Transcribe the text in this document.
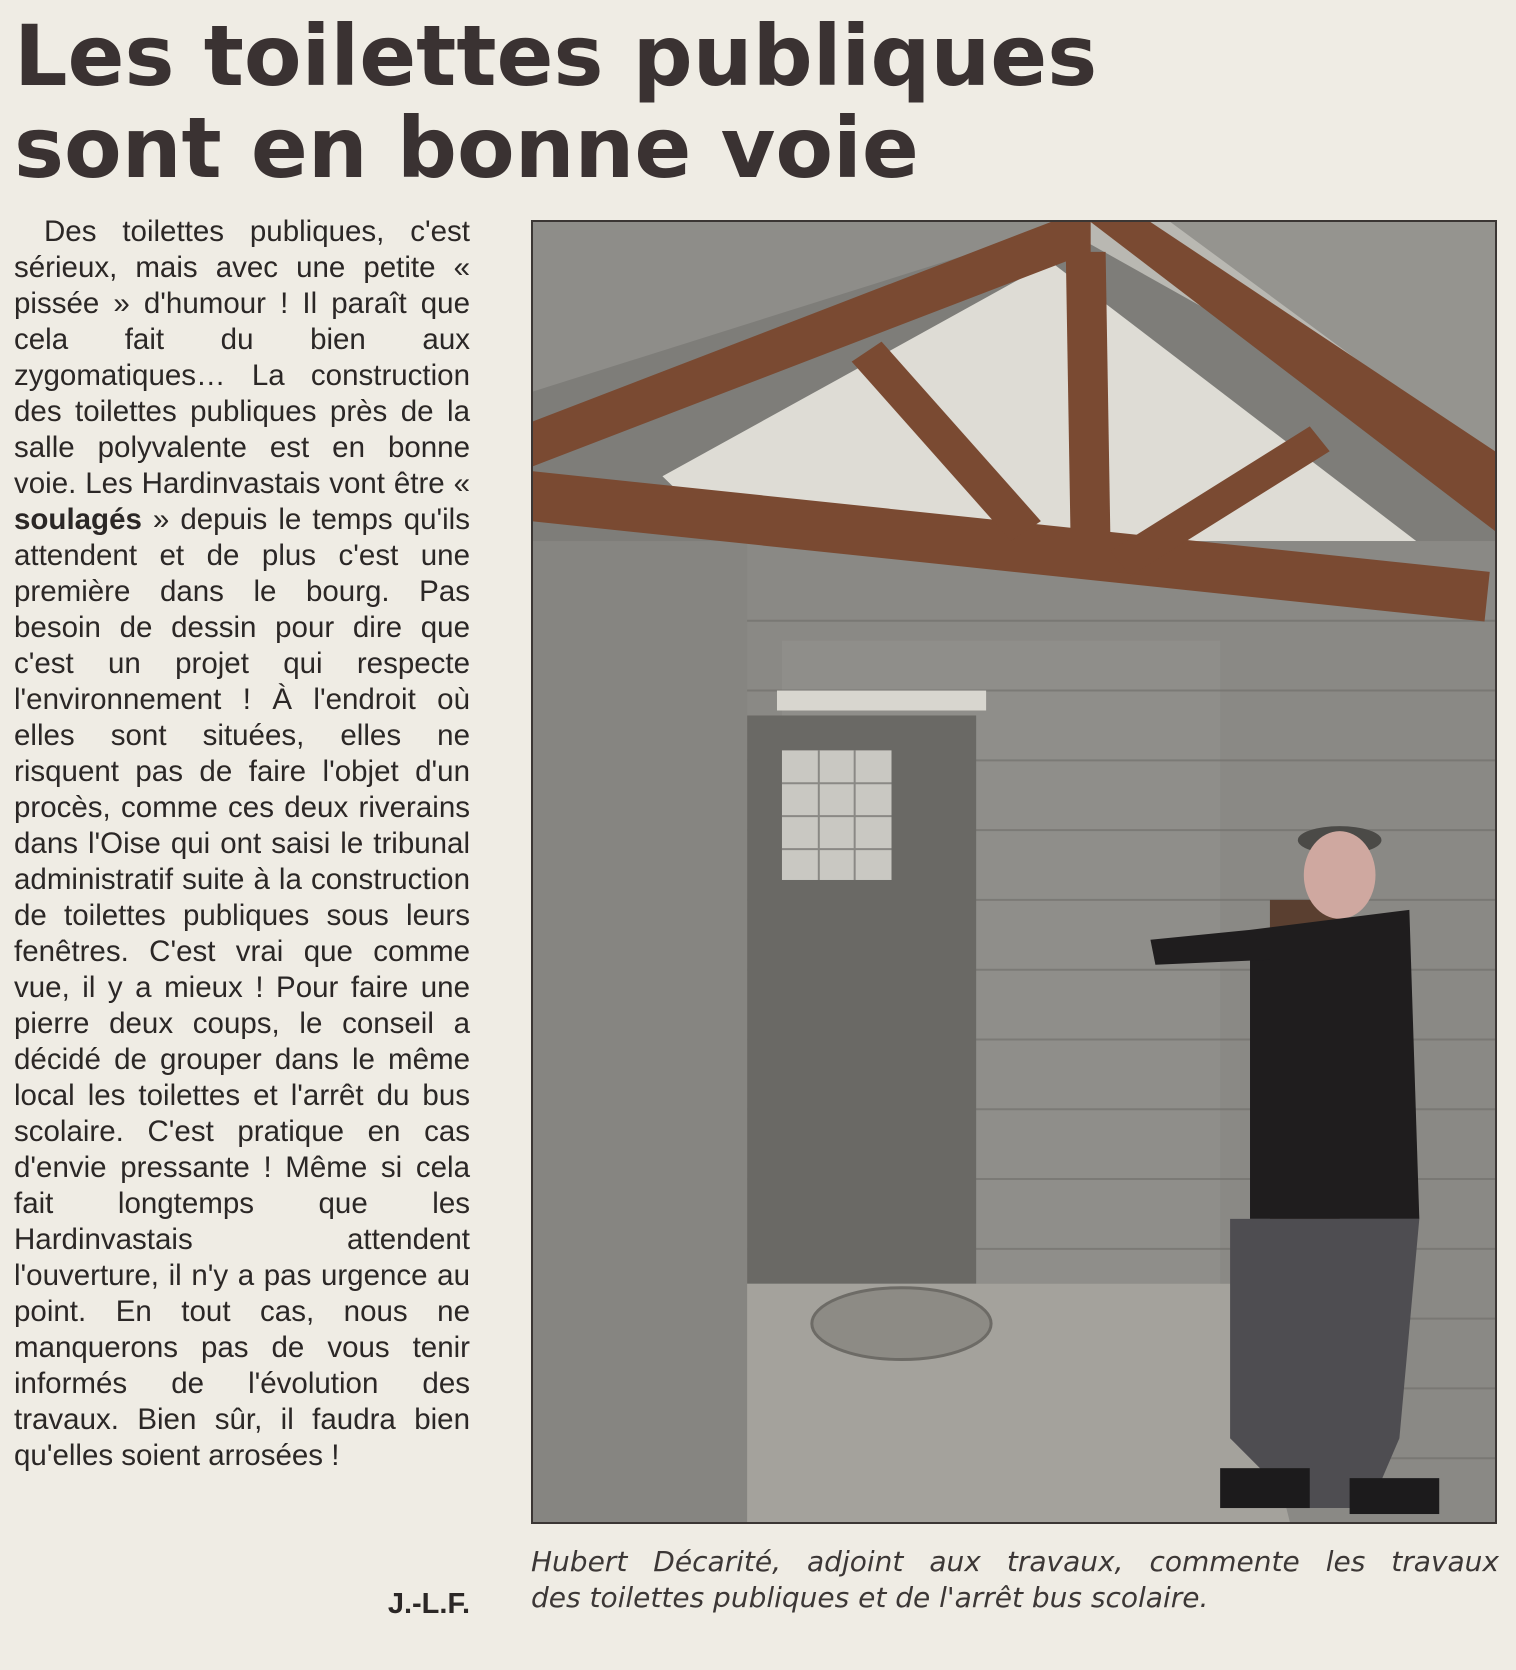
Les toilettes publiques
sont en bonne voie

Des toilettes publiques, c'est sérieux, mais avec une petite « pissée » d'humour ! Il paraît que cela fait du bien aux zygomatiques… La construction des toilettes publiques près de la salle polyvalente est en bonne voie. Les Hardinvastais vont être « soulagés » depuis le temps qu'ils attendent et de plus c'est une première dans le bourg. Pas besoin de dessin pour dire que c'est un projet qui respecte l'environnement ! À l'endroit où elles sont situées, elles ne risquent pas de faire l'objet d'un procès, comme ces deux riverains dans l'Oise qui ont saisi le tribunal administratif suite à la construction de toilettes publiques sous leurs fenêtres. C'est vrai que comme vue, il y a mieux ! Pour faire une pierre deux coups, le conseil a décidé de grouper dans le même local les toilettes et l'arrêt du bus scolaire. C'est pratique en cas d'envie pressante ! Même si cela fait longtemps que les Hardinvastais attendent l'ouverture, il n'y a pas urgence au point. En tout cas, nous ne manquerons pas de vous tenir informés de l'évolution des travaux. Bien sûr, il faudra bien qu'elles soient arrosées !

J.-L.F.
Hubert Décarité, adjoint aux travaux, commente les travaux
des toilettes publiques et de l'arrêt bus scolaire.
